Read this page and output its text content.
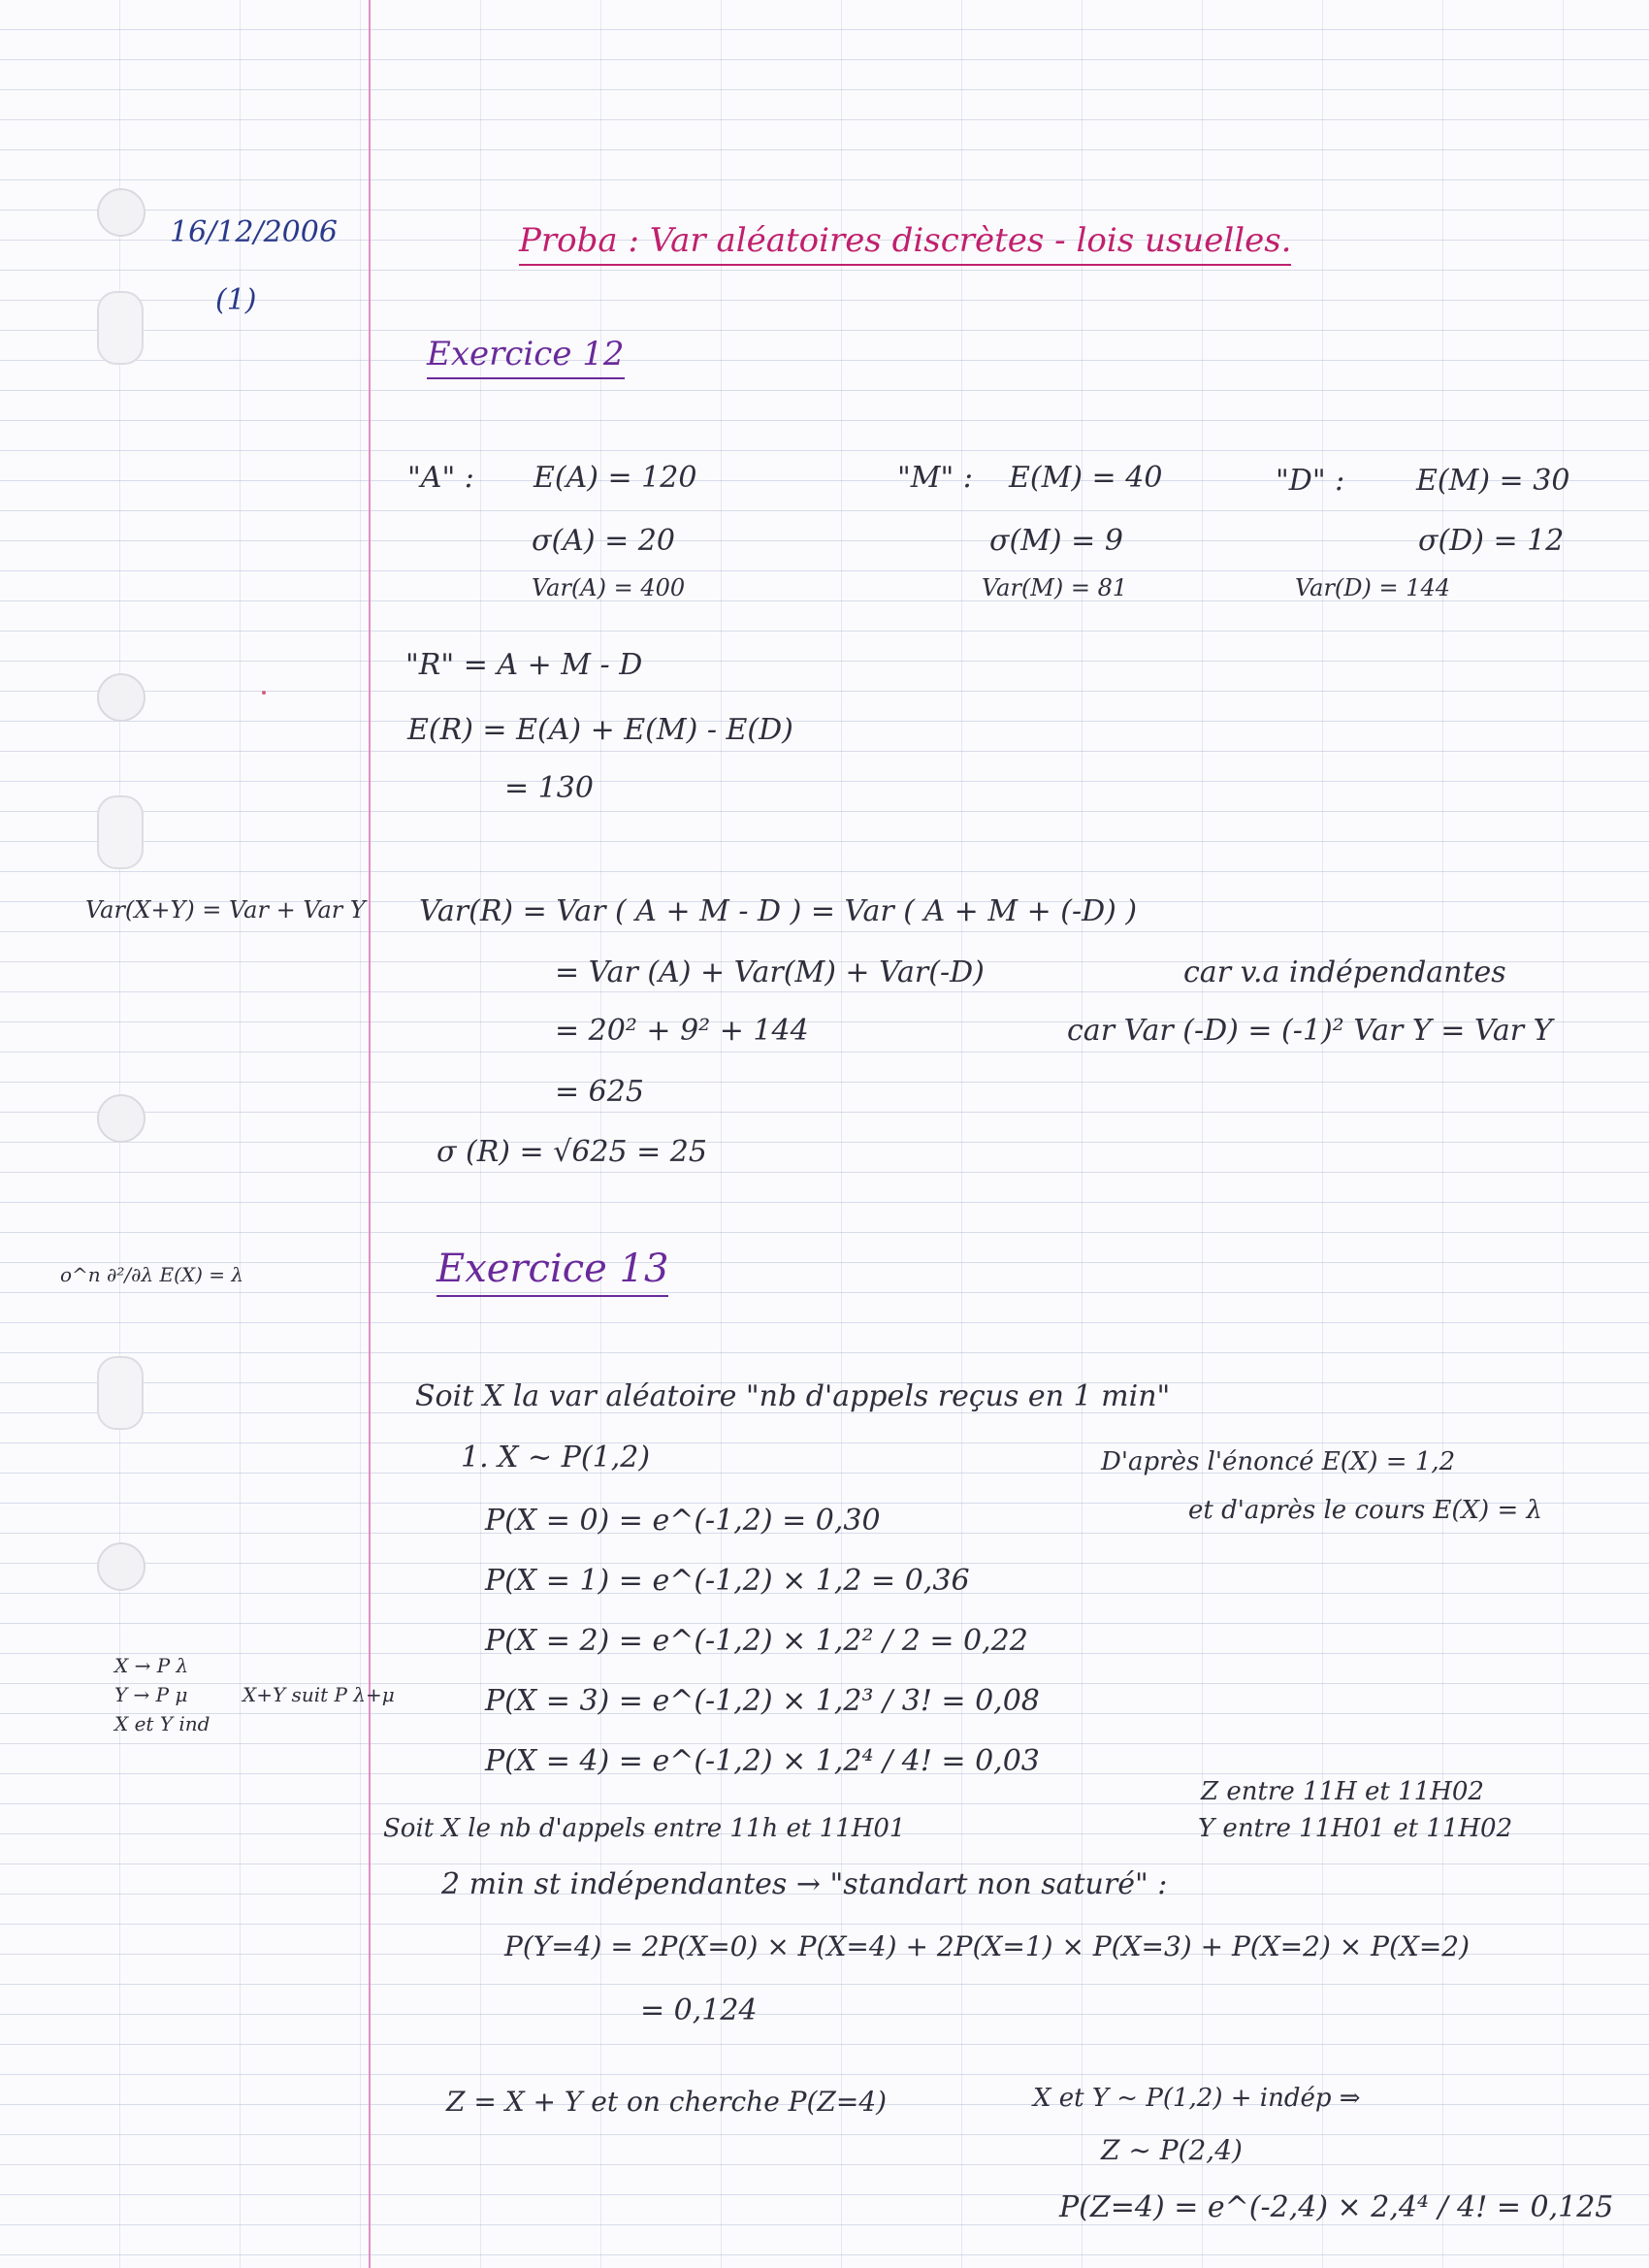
16/12/2006
(1)
Proba : Var aléatoires discrètes - lois usuelles.
Exercice 12
"A" : E(A) = 120
σ(A) = 20
Var(A) = 400
"M" : E(M) = 40
σ(M) = 9
Var(M) = 81
"D" : E(M) = 30
σ(D) = 12
Var(D) = 144
"R" = A + M - D
E(R) = E(A) + E(M) - E(D)
= 130
Var(X+Y) = Var + Var Y Var(R) = Var ( A + M - D ) = Var ( A + M + (-D) )
= Var (A) + Var(M) + Var(-D)	car v.a indépendantes
= 20² + 9² + 144	car Var (-D) = (-1)² Var Y = Var Y
= 625
σ (R) = √625 = 25
o^n ∂²/∂λ E(X) = λ	Exercice 13
Soit X la var aléatoire "nb d'appels reçus en 1 min"
1. X ~ P(1,2)	D'après l'énoncé E(X) = 1,2
et d'après le cours E(X) = λ
P(X = 0) = e^(-1,2) = 0,30
P(X = 1) = e^(-1,2) × 1,2 = 0,36
P(X = 2) = e^(-1,2) × 1,2² / 2 = 0,22
P(X = 3) = e^(-1,2) × 1,2³ / 3! = 0,08
P(X = 4) = e^(-1,2) × 1,2⁴ / 4! = 0,03
X → P λ
Y → P μ
X et Y ind
X+Y suit P λ+μ
Z entre 11H et 11H02
Y entre 11H01 et 11H02
Soit X le nb d'appels entre 11h et 11H01
2 min st indépendantes → "standart non saturé" :
P(Y=4) = 2P(X=0) × P(X=4) + 2P(X=1) × P(X=3) + P(X=2) × P(X=2)
= 0,124
Z = X + Y et on cherche P(Z=4)	X et Y ~ P(1,2) + indép ⇒
Z ~ P(2,4)
P(Z=4) = e^(-2,4) × 2,4⁴ / 4! = 0,125
